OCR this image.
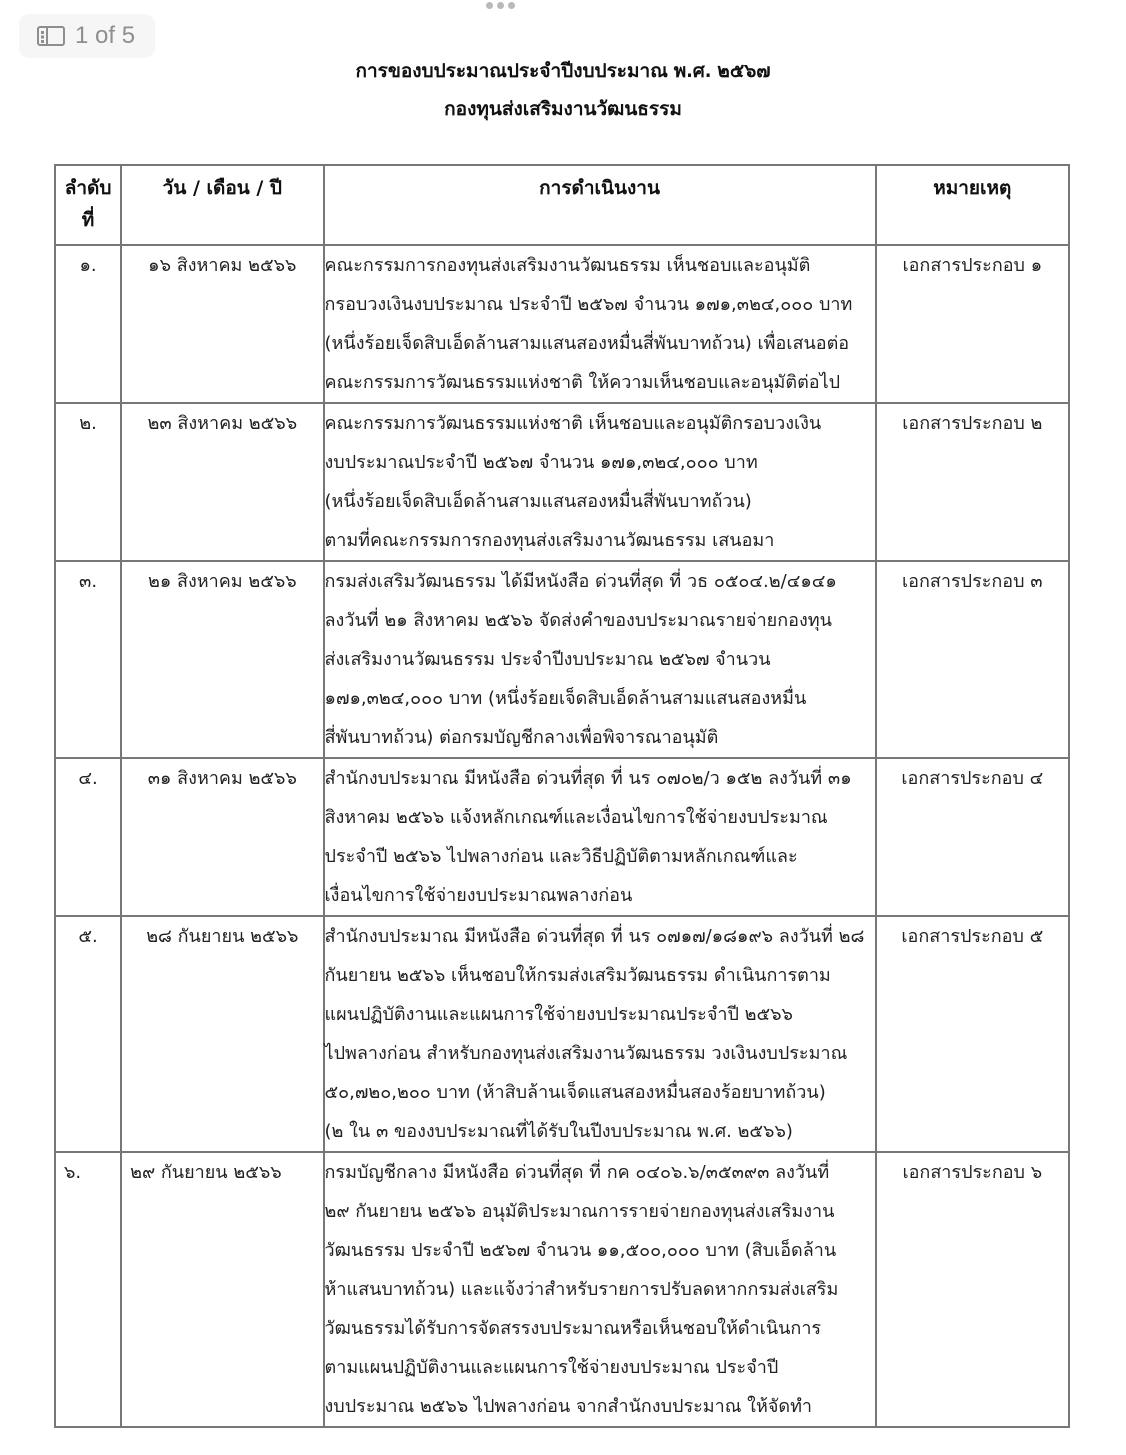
1 of 5
การของบประมาณประจำปีงบประมาณ พ.ศ. ๒๕๖๗
กองทุนส่งเสริมงานวัฒนธรรม
ลำดับ
ที่	วัน / เดือน / ปี	การดำเนินงาน	หมายเหตุ
๑.	๑๖ สิงหาคม ๒๕๖๖	คณะกรรมการกองทุนส่งเสริมงานวัฒนธรรม เห็นชอบและอนุมัติ
กรอบวงเงินงบประมาณ ประจำปี ๒๕๖๗ จำนวน ๑๗๑,๓๒๔,๐๐๐ บาท
(หนึ่งร้อยเจ็ดสิบเอ็ดล้านสามแสนสองหมื่นสี่พันบาทถ้วน) เพื่อเสนอต่อ
คณะกรรมการวัฒนธรรมแห่งชาติ ให้ความเห็นชอบและอนุมัติต่อไป	เอกสารประกอบ ๑
๒.	๒๓ สิงหาคม ๒๕๖๖	คณะกรรมการวัฒนธรรมแห่งชาติ เห็นชอบและอนุมัติกรอบวงเงิน
งบประมาณประจำปี ๒๕๖๗ จำนวน ๑๗๑,๓๒๔,๐๐๐ บาท
(หนึ่งร้อยเจ็ดสิบเอ็ดล้านสามแสนสองหมื่นสี่พันบาทถ้วน)
ตามที่คณะกรรมการกองทุนส่งเสริมงานวัฒนธรรม เสนอมา	เอกสารประกอบ ๒
๓.	๒๑ สิงหาคม ๒๕๖๖	กรมส่งเสริมวัฒนธรรม ได้มีหนังสือ ด่วนที่สุด ที่ วธ ๐๕๐๔.๒/๔๑๔๑
ลงวันที่ ๒๑ สิงหาคม ๒๕๖๖ จัดส่งคำของบประมาณรายจ่ายกองทุน
ส่งเสริมงานวัฒนธรรม ประจำปีงบประมาณ ๒๕๖๗ จำนวน
๑๗๑,๓๒๔,๐๐๐ บาท (หนึ่งร้อยเจ็ดสิบเอ็ดล้านสามแสนสองหมื่น
สี่พันบาทถ้วน) ต่อกรมบัญชีกลางเพื่อพิจารณาอนุมัติ	เอกสารประกอบ ๓
๔.	๓๑ สิงหาคม ๒๕๖๖	สำนักงบประมาณ มีหนังสือ ด่วนที่สุด ที่ นร ๐๗๐๒/ว ๑๕๒ ลงวันที่ ๓๑
สิงหาคม ๒๕๖๖ แจ้งหลักเกณฑ์และเงื่อนไขการใช้จ่ายงบประมาณ
ประจำปี ๒๕๖๖ ไปพลางก่อน และวิธีปฏิบัติตามหลักเกณฑ์และ
เงื่อนไขการใช้จ่ายงบประมาณพลางก่อน	เอกสารประกอบ ๔
๕.	๒๘ กันยายน ๒๕๖๖	สำนักงบประมาณ มีหนังสือ ด่วนที่สุด ที่ นร ๐๗๑๗/๑๘๑๙๖ ลงวันที่ ๒๘
กันยายน ๒๕๖๖ เห็นชอบให้กรมส่งเสริมวัฒนธรรม ดำเนินการตาม
แผนปฏิบัติงานและแผนการใช้จ่ายงบประมาณประจำปี ๒๕๖๖
ไปพลางก่อน สำหรับกองทุนส่งเสริมงานวัฒนธรรม วงเงินงบประมาณ
๕๐,๗๒๐,๒๐๐ บาท (ห้าสิบล้านเจ็ดแสนสองหมื่นสองร้อยบาทถ้วน)
(๒ ใน ๓ ของงบประมาณที่ได้รับในปีงบประมาณ พ.ศ. ๒๕๖๖)
	เอกสารประกอบ ๕
๖.	๒๙ กันยายน ๒๕๖๖	กรมบัญชีกลาง มีหนังสือ ด่วนที่สุด ที่ กค ๐๔๐๖.๖/๓๕๓๙๓ ลงวันที่
๒๙ กันยายน ๒๕๖๖ อนุมัติประมาณการรายจ่ายกองทุนส่งเสริมงาน
วัฒนธรรม ประจำปี ๒๕๖๗ จำนวน ๑๑,๕๐๐,๐๐๐ บาท (สิบเอ็ดล้าน
ห้าแสนบาทถ้วน) และแจ้งว่าสำหรับรายการปรับลดหากกรมส่งเสริม
วัฒนธรรมได้รับการจัดสรรงบประมาณหรือเห็นชอบให้ดำเนินการ
ตามแผนปฏิบัติงานและแผนการใช้จ่ายงบประมาณ ประจำปี
งบประมาณ ๒๕๖๖ ไปพลางก่อน จากสำนักงบประมาณ ให้จัดทำ
	เอกสารประกอบ ๖
